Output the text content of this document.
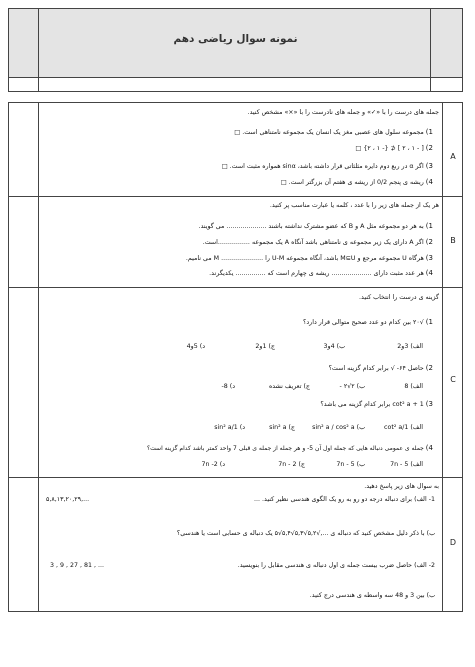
نمونه سوال ریاضی دهم
A
B
C
D
جمله های درست را با «✓» و جمله های نادرست را با «×» مشخص کنید.
1) مجموعه سلول های عصبی مغز یک انسان یک مجموعه نامتناهی است. □
2) [ - ۱ ، ۲ ] ⊄ {- ۱ ، ۲} □
3) اگر α در ربع دوم دایره مثلثاتی قرار داشته باشد، sinα همواره مثبت است. □
4) ریشه ی پنجم 0/2 از ریشه ی هفتم آن بزرگتر است. □
هر یک از جمله های زیر را با عدد ، کلمه یا عبارت مناسب پر کنید.
1) به هر دو مجموعه مثل A و B که عضو مشترک نداشته باشند .................... می گویند.
2) اگر A دارای یک زیر مجموعه ی نامتناهی باشد آنگاه A یک مجموعه ................است.
3) هرگاه U مجموعه مرجع و M⊆U باشد، آنگاه مجموعه U-M را ..................... M می نامیم.
4) هر عدد مثبت دارای .................... ریشه ی چهارم است که ............... یکدیگرند.
گزینه ی درست را انتخاب کنید.
1) √۲۰ بین کدام دو عدد صحیح متوالی قرار دارد؟
الف) 3و2
ب) 4و3
ج) 1و2
د) 5و4
2) حاصل ۶۴- √ برابر کدام گزینه است؟
الف) 8
ب) ۲√۲ -
ج) تعریف نشده
د) 8-
3) cot² a + 1 برابر کدام گزینه می باشد؟
الف) 1/cot² a
ب) sin² a / cos² a
ج) sin² a
د) 1/sin² a
4) جمله ی عمومی دنباله هایی که جمله اول آن 5- و هر جمله از جمله ی قبلی 7 واحد کمتر باشد کدام گزینه است؟
الف) 7n - 5
ب) 5 - 7n
ج) 7n - 2
د) 2- 7n
به سوال های زیر پاسخ دهید.
1- الف) برای دنباله درجه دو رو به رو یک الگوی هندسی نظیر کنید. ...
۵,۸,۱۳,۲۰,۲۹,...
ب) با ذکر دلیل مشخص کنید که دنباله ی ...,√۵,۲√۵,۳√۵,۴√۵ یک دنباله ی حسابی است یا هندسی؟
2- الف) حاصل ضرب بیست جمله ی اول دنباله ی هندسی مقابل را بنویسید.
3 , 9 , 27 , 81 , ...
ب) بین 3 و 48 سه واسطه ی هندسی درج کنید.
